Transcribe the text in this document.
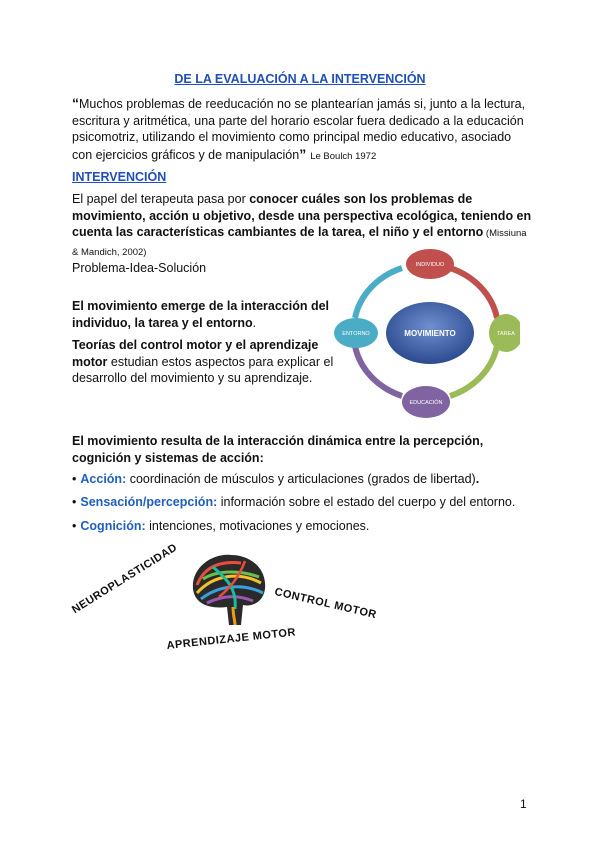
DE LA EVALUACIÓN A LA INTERVENCIÓN
“Muchos problemas de reeducación no se plantearían jamás si, junto a la lectura, escritura y aritmética, una parte del horario escolar fuera dedicado a la educación psicomotriz, utilizando el movimiento como principal medio educativo, asociado con ejercicios gráficos y de manipulación” Le Boulch 1972
INTERVENCIÓN
El papel del terapeuta pasa por conocer cuáles son los problemas de movimiento, acción u objetivo, desde una perspectiva ecológica, teniendo en cuenta las características cambiantes de la tarea, el niño y el entorno (Missiuna & Mandich, 2002)
Problema-Idea-Solución
El movimiento emerge de la interacción del individuo, la tarea y el entorno.
Teorías del control motor y el aprendizaje motor estudian estos aspectos para explicar el desarrollo del movimiento y su aprendizaje.
MOVIMIENTO
INDIVIDUO
TAREA
EDUCACIÓN
ENTORNO
El movimiento resulta de la interacción dinámica entre la percepción, cognición y sistemas de acción:
• Acción: coordinación de músculos y articulaciones (grados de libertad).
• Sensación/percepción: información sobre el estado del cuerpo y del entorno.
• Cognición: intenciones, motivaciones y emociones.
NEUROPLASTICIDAD	CONTROL MOTOR
APRENDIZAJE MOTOR
1
